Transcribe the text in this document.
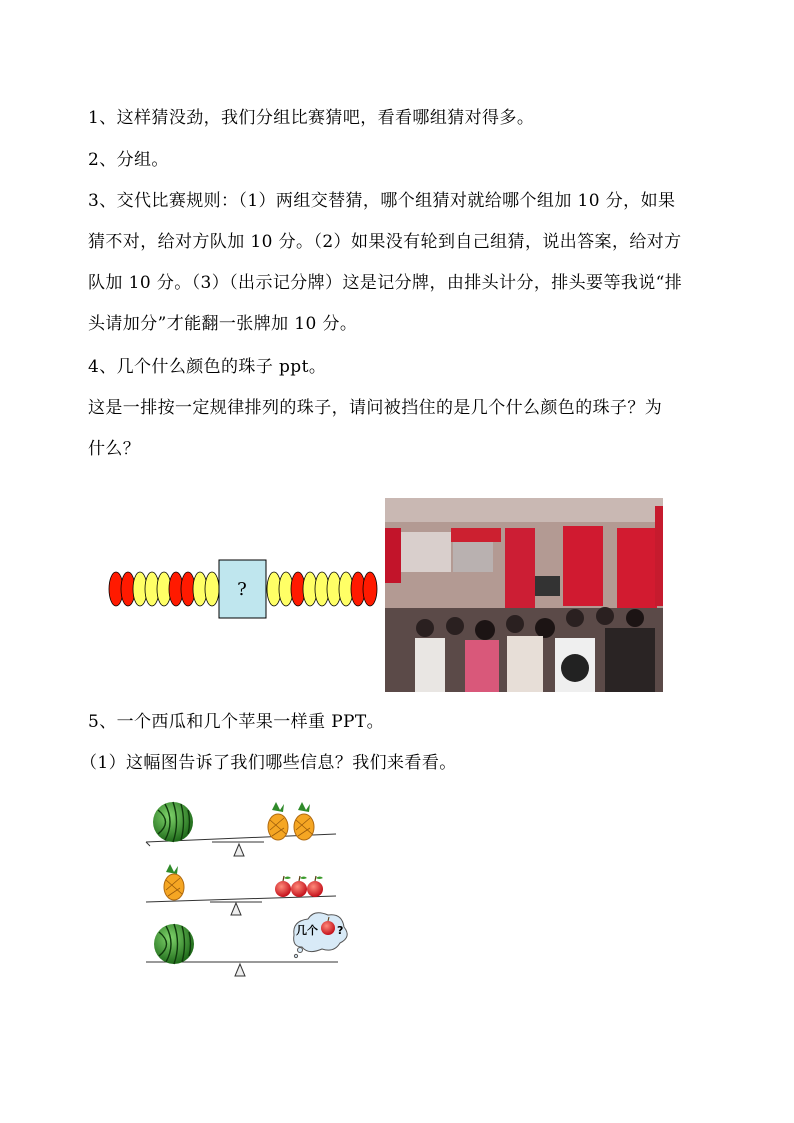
1、这样猜没劲，我们分组比赛猜吧，看看哪组猜对得多。
2、分组。
3、交代比赛规则：（1）两组交替猜，哪个组猜对就给哪个组加 10 分，如果
猜不对，给对方队加 10 分。（2）如果没有轮到自己组猜，说出答案，给对方
队加 10 分。（3）（出示记分牌）这是记分牌，由排头计分，排头要等我说“排
头请加分”才能翻一张牌加 10 分。
4、几个什么颜色的珠子 ppt。
这是一排按一定规律排列的珠子，请问被挡住的是几个什么颜色的珠子？为
什么？
?
5、一个西瓜和几个苹果一样重 PPT。
（1）这幅图告诉了我们哪些信息？我们来看看。
几个 ?
